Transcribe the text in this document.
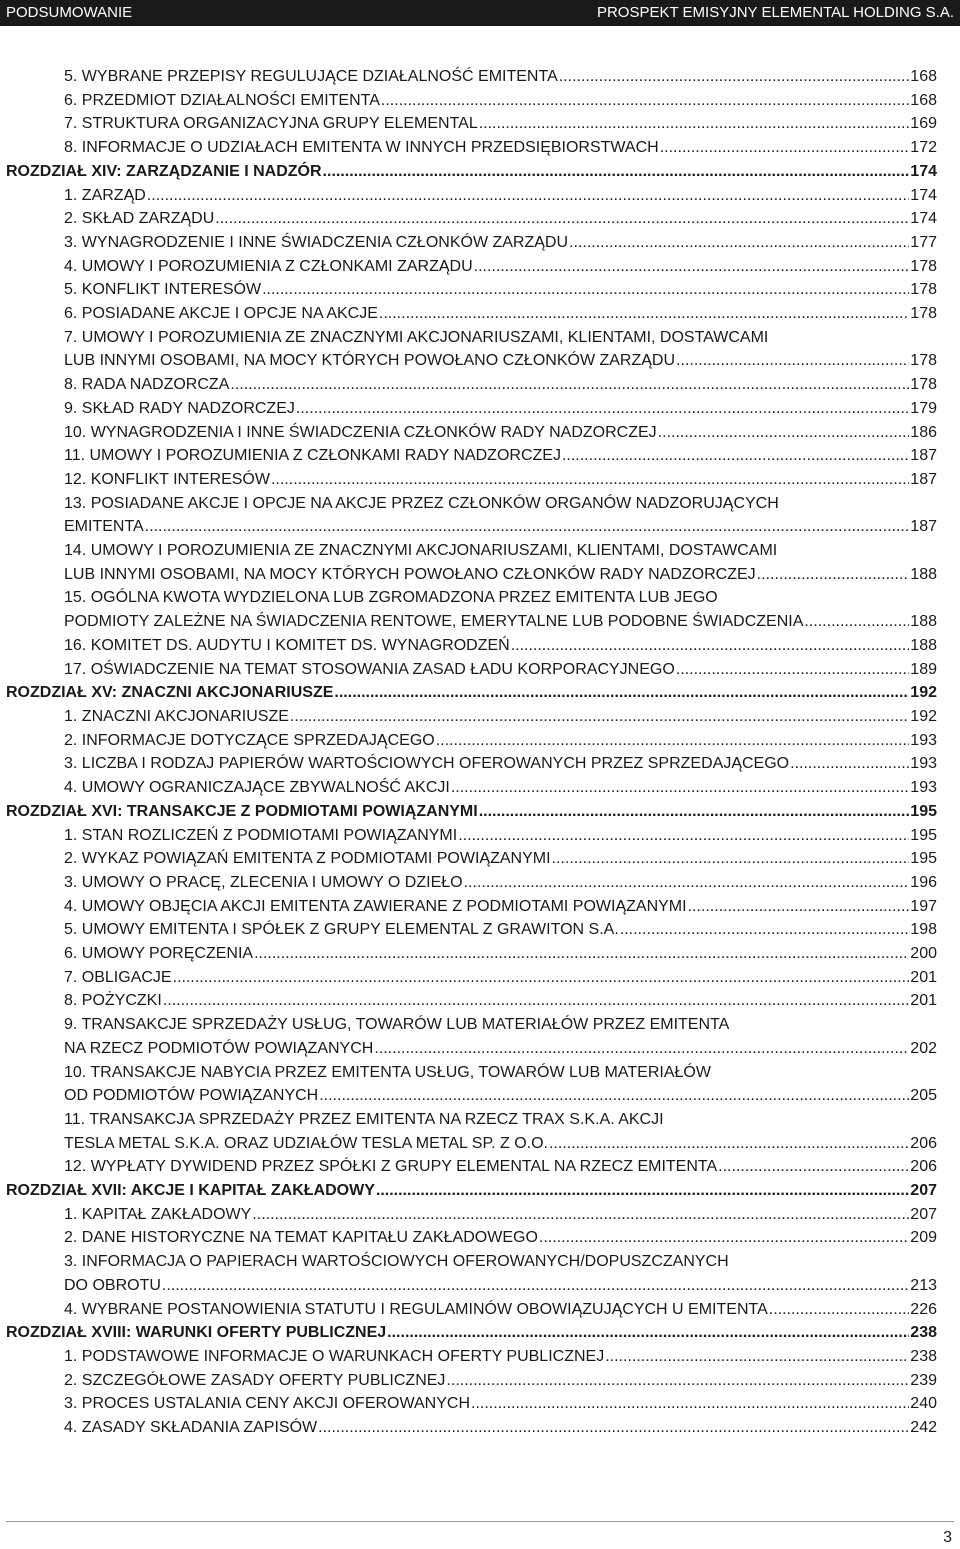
PODSUMOWANIE	PROSPEKT EMISYJNY ELEMENTAL HOLDING S.A.
5. WYBRANE PRZEPISY REGULUJĄCE DZIAŁALNOŚĆ EMITENTA .....	168
6. PRZEDMIOT DZIAŁALNOŚCI EMITENTA .....	168
7. STRUKTURA ORGANIZACYJNA GRUPY ELEMENTAL .....	169
8. INFORMACJE O UDZIAŁACH EMITENTA W INNYCH PRZEDSIĘBIORSTWACH .....	172
ROZDZIAŁ XIV: ZARZĄDZANIE I NADZÓR .....	174
1. ZARZĄD .....	174
2. SKŁAD ZARZĄDU .....	174
3. WYNAGRODZENIE I INNE ŚWIADCZENIA CZŁONKÓW ZARZĄDU .....	177
4. UMOWY I POROZUMIENIA Z CZŁONKAMI ZARZĄDU .....	178
5. KONFLIKT INTERESÓW .....	178
6. POSIADANE AKCJE I OPCJE NA AKCJE .....	178
7. UMOWY I POROZUMIENIA ZE ZNACZNYMI AKCJONARIUSZAMI, KLIENTAMI, DOSTAWCAMI
LUB INNYMI OSOBAMI, NA MOCY KTÓRYCH POWOŁANO CZŁONKÓW ZARZĄDU .....	178
8. RADA NADZORCZA .....	178
9. SKŁAD RADY NADZORCZEJ .....	179
10. WYNAGRODZENIA I INNE ŚWIADCZENIA CZŁONKÓW RADY NADZORCZEJ .....	186
11. UMOWY I POROZUMIENIA Z CZŁONKAMI RADY NADZORCZEJ .....	187
12. KONFLIKT INTERESÓW .....	187
13. POSIADANE AKCJE I OPCJE NA AKCJE PRZEZ CZŁONKÓW ORGANÓW NADZORUJĄCYCH
EMITENTA .....	187
14. UMOWY I POROZUMIENIA ZE ZNACZNYMI AKCJONARIUSZAMI, KLIENTAMI, DOSTAWCAMI
LUB INNYMI OSOBAMI, NA MOCY KTÓRYCH POWOŁANO CZŁONKÓW RADY NADZORCZEJ .....	188
15. OGÓLNA KWOTA WYDZIELONA LUB ZGROMADZONA PRZEZ EMITENTA LUB JEGO
PODMIOTY ZALEŻNE NA ŚWIADCZENIA RENTOWE, EMERYTALNE LUB PODOBNE ŚWIADCZENIA .....	188
16. KOMITET DS. AUDYTU I KOMITET DS. WYNAGRODZEŃ .....	188
17. OŚWIADCZENIE NA TEMAT STOSOWANIA ZASAD ŁADU KORPORACYJNEGO .....	189
ROZDZIAŁ XV: ZNACZNI AKCJONARIUSZE .....	192
1. ZNACZNI AKCJONARIUSZE .....	192
2. INFORMACJE DOTYCZĄCE SPRZEDAJĄCEGO .....	193
3. LICZBA I RODZAJ PAPIERÓW WARTOŚCIOWYCH OFEROWANYCH PRZEZ SPRZEDAJĄCEGO .....	193
4. UMOWY OGRANICZAJĄCE ZBYWALNOŚĆ AKCJI .....	193
ROZDZIAŁ XVI: TRANSAKCJE Z PODMIOTAMI POWIĄZANYMI .....	195
1. STAN ROZLICZEŃ Z PODMIOTAMI POWIĄZANYMI .....	195
2. WYKAZ POWIĄZAŃ EMITENTA Z PODMIOTAMI POWIĄZANYMI .....	195
3. UMOWY O PRACĘ, ZLECENIA I UMOWY O DZIEŁO .....	196
4. UMOWY OBJĘCIA AKCJI EMITENTA ZAWIERANE Z PODMIOTAMI POWIĄZANYMI .....	197
5. UMOWY EMITENTA I SPÓŁEK Z GRUPY ELEMENTAL Z GRAWITON S.A. .....	198
6. UMOWY PORĘCZENIA .....	200
7. OBLIGACJE .....	201
8. POŻYCZKI .....	201
9. TRANSAKCJE SPRZEDAŻY USŁUG, TOWARÓW LUB MATERIAŁÓW PRZEZ EMITENTA
NA RZECZ PODMIOTÓW POWIĄZANYCH .....	202
10. TRANSAKCJE NABYCIA PRZEZ EMITENTA USŁUG, TOWARÓW LUB MATERIAŁÓW
OD PODMIOTÓW POWIĄZANYCH .....	205
11. TRANSAKCJA SPRZEDAŻY PRZEZ EMITENTA NA RZECZ TRAX S.K.A. AKCJI
TESLA METAL S.K.A. ORAZ UDZIAŁÓW TESLA METAL SP. Z O.O. .....	206
12. WYPŁATY DYWIDEND PRZEZ SPÓŁKI Z GRUPY ELEMENTAL NA RZECZ EMITENTA .....	206
ROZDZIAŁ XVII: AKCJE I KAPITAŁ ZAKŁADOWY .....	207
1. KAPITAŁ ZAKŁADOWY .....	207
2. DANE HISTORYCZNE NA TEMAT KAPITAŁU ZAKŁADOWEGO .....	209
3. INFORMACJA O PAPIERACH WARTOŚCIOWYCH OFEROWANYCH/DOPUSZCZANYCH
DO OBROTU .....	213
4. WYBRANE POSTANOWIENIA STATUTU I REGULAMINÓW OBOWIĄZUJĄCYCH U EMITENTA .....	226
ROZDZIAŁ XVIII: WARUNKI OFERTY PUBLICZNEJ .....	238
1. PODSTAWOWE INFORMACJE O WARUNKACH OFERTY PUBLICZNEJ .....	238
2. SZCZEGÓŁOWE ZASADY OFERTY PUBLICZNEJ .....	239
3. PROCES USTALANIA CENY AKCJI OFEROWANYCH .....	240
4. ZASADY SKŁADANIA ZAPISÓW .....	242
3
